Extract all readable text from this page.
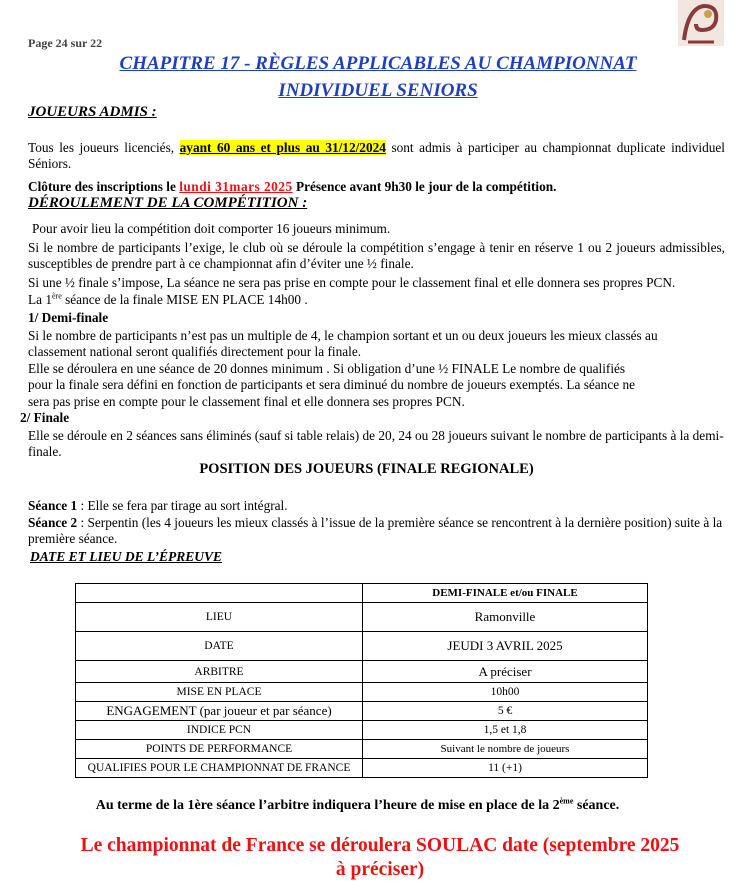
Page 24 sur 22
CHAPITRE 17 - RÈGLES APPLICABLES AU CHAMPIONNAT
INDIVIDUEL SENIORS
JOUEURS ADMIS :
Tous les joueurs licenciés, ayant 60 ans et plus au 31/12/2024 sont admis à participer au championnat duplicate individuel Séniors.
Clôture des inscriptions le lundi 31mars 2025 Présence avant 9h30 le jour de la compétition.
DÉROULEMENT DE LA COMPÉTITION :
Pour avoir lieu la compétition doit comporter 16 joueurs minimum.
Si le nombre de participants l’exige, le club où se déroule la compétition s’engage à tenir en réserve 1 ou 2 joueurs admissibles, susceptibles de prendre part à ce championnat afin d’éviter une ½ finale.
Si une ½ finale s’impose, La séance ne sera pas prise en compte pour le classement final et elle donnera ses propres PCN.
La 1ère séance de la finale MISE EN PLACE 14h00 .
1/ Demi-finale
Si le nombre de participants n’est pas un multiple de 4, le champion sortant et un ou deux joueurs les mieux classés au classement national seront qualifiés directement pour la finale.
Elle se déroulera en une séance de 20 donnes minimum . Si obligation d’une ½ FINALE Le nombre de qualifiés
pour la finale sera défini en fonction de participants et sera diminué du nombre de joueurs exemptés. La séance ne
sera pas prise en compte pour le classement final et elle donnera ses propres PCN.
2/ Finale
Elle se déroule en 2 séances sans éliminés (sauf si table relais) de 20, 24 ou 28 joueurs suivant le nombre de participants à la demi-finale.
POSITION DES JOUEURS (FINALE REGIONALE)
Séance 1 : Elle se fera par tirage au sort intégral.
Séance 2 : Serpentin (les 4 joueurs les mieux classés à l’issue de la première séance se rencontrent à la dernière position) suite à la première séance.
DATE ET LIEU DE L’ÉPREUVE
	DEMI-FINALE et/ou FINALE
LIEU	Ramonville
DATE	JEUDI 3 AVRIL 2025
ARBITRE	A préciser
MISE EN PLACE	10h00
ENGAGEMENT (par joueur et par séance)	5 €
INDICE PCN	1,5 et 1,8
POINTS DE PERFORMANCE	Suivant le nombre de joueurs
QUALIFIES POUR LE CHAMPIONNAT DE FRANCE	11 (+1)
Au terme de la 1ère séance l’arbitre indiquera l’heure de mise en place de la 2ème séance.
Le championnat de France se déroulera SOULAC date (septembre 2025
à préciser)
